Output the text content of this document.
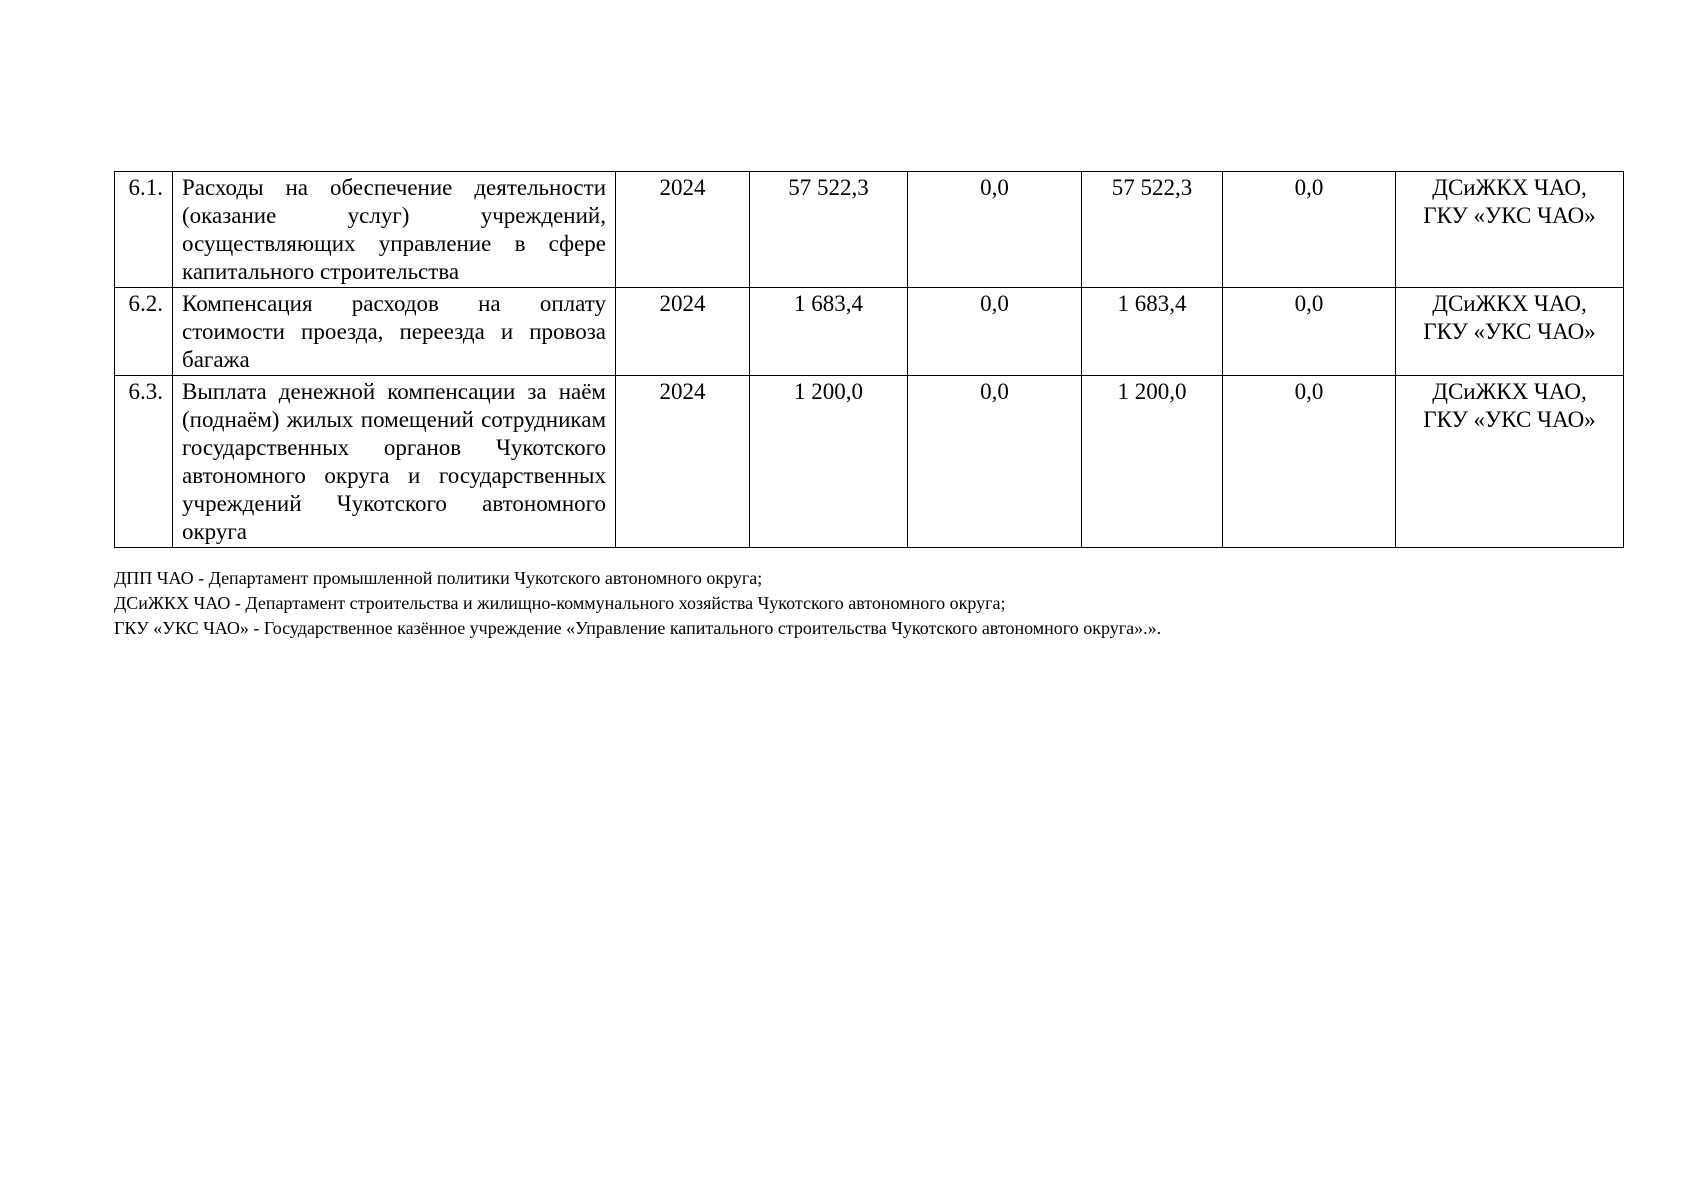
6.1.	Расходы на обеспечение деятельности (оказание услуг) учреждений, осуществляющих управление в сфере капитального строительства	2024	57 522,3	0,0	57 522,3	0,0	ДСиЖКХ ЧАО,
ГКУ «УКС ЧАО»

6.2.	Компенсация расходов на оплату стоимости проезда, переезда и провоза багажа	2024	1 683,4	0,0	1 683,4	0,0	ДСиЖКХ ЧАО,
ГКУ «УКС ЧАО»

6.3.	Выплата денежной компенсации за наём (поднаём) жилых помещений сотрудникам государственных органов Чукотского автономного округа и государственных учреждений Чукотского автономного округа	2024	1 200,0	0,0	1 200,0	0,0	ДСиЖКХ ЧАО,
ГКУ «УКС ЧАО»
ДПП ЧАО - Департамент промышленной политики Чукотского автономного округа;
ДСиЖКХ ЧАО - Департамент строительства и жилищно-коммунального хозяйства Чукотского автономного округа;
ГКУ «УКС ЧАО» - Государственное казённое учреждение «Управление капитального строительства Чукотского автономного округа».».
